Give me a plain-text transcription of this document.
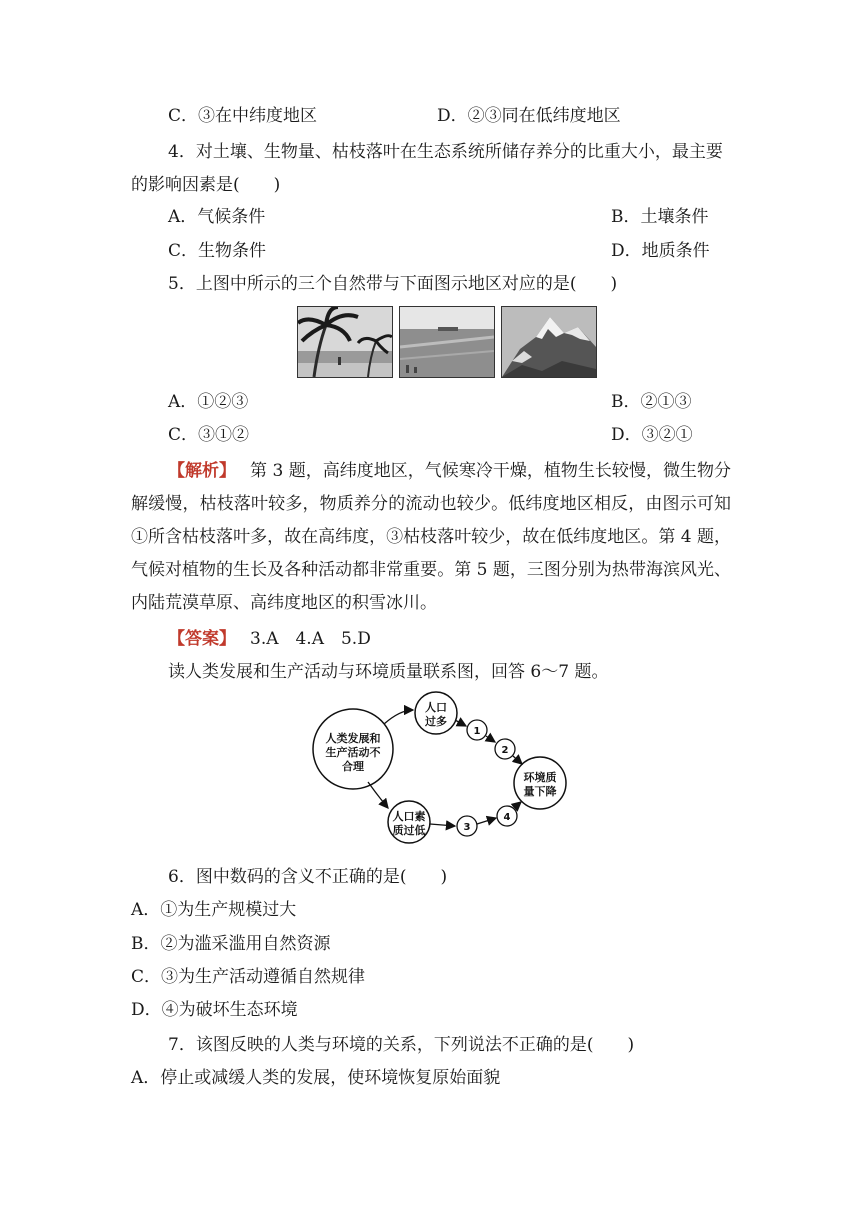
C．③在中纬度地区	D．②③同在低纬度地区
4．对土壤、生物量、枯枝落叶在生态系统所储存养分的比重大小，最主要
的影响因素是(　　)
A．气候条件	B．土壤条件
C．生物条件	D．地质条件
5．上图中所示的三个自然带与下面图示地区对应的是(　　)
A．①②③	B．②①③
C．③①②	D．③②①
【解析】 第 3 题，高纬度地区，气候寒冷干燥，植物生长较慢，微生物分解缓慢，枯枝落叶较多，物质养分的流动也较少。低纬度地区相反，由图示可知①所含枯枝落叶多，故在高纬度，③枯枝落叶较少，故在低纬度地区。第 4 题，气候对植物的生长及各种活动都非常重要。第 5 题，三图分别为热带海滨风光、内陆荒漠草原、高纬度地区的积雪冰川。
【答案】 3.A　4.A　5.D
读人类发展和生产活动与环境质量联系图，回答 6～7 题。
人类发展和
生产活动不
合理
人口
过多
人口素
质过低
环境质
量下降
1
2
3
4
6．图中数码的含义不正确的是(　　)
A．①为生产规模过大
B．②为滥采滥用自然资源
C．③为生产活动遵循自然规律
D．④为破坏生态环境
7．该图反映的人类与环境的关系，下列说法不正确的是(　　)
A．停止或减缓人类的发展，使环境恢复原始面貌
